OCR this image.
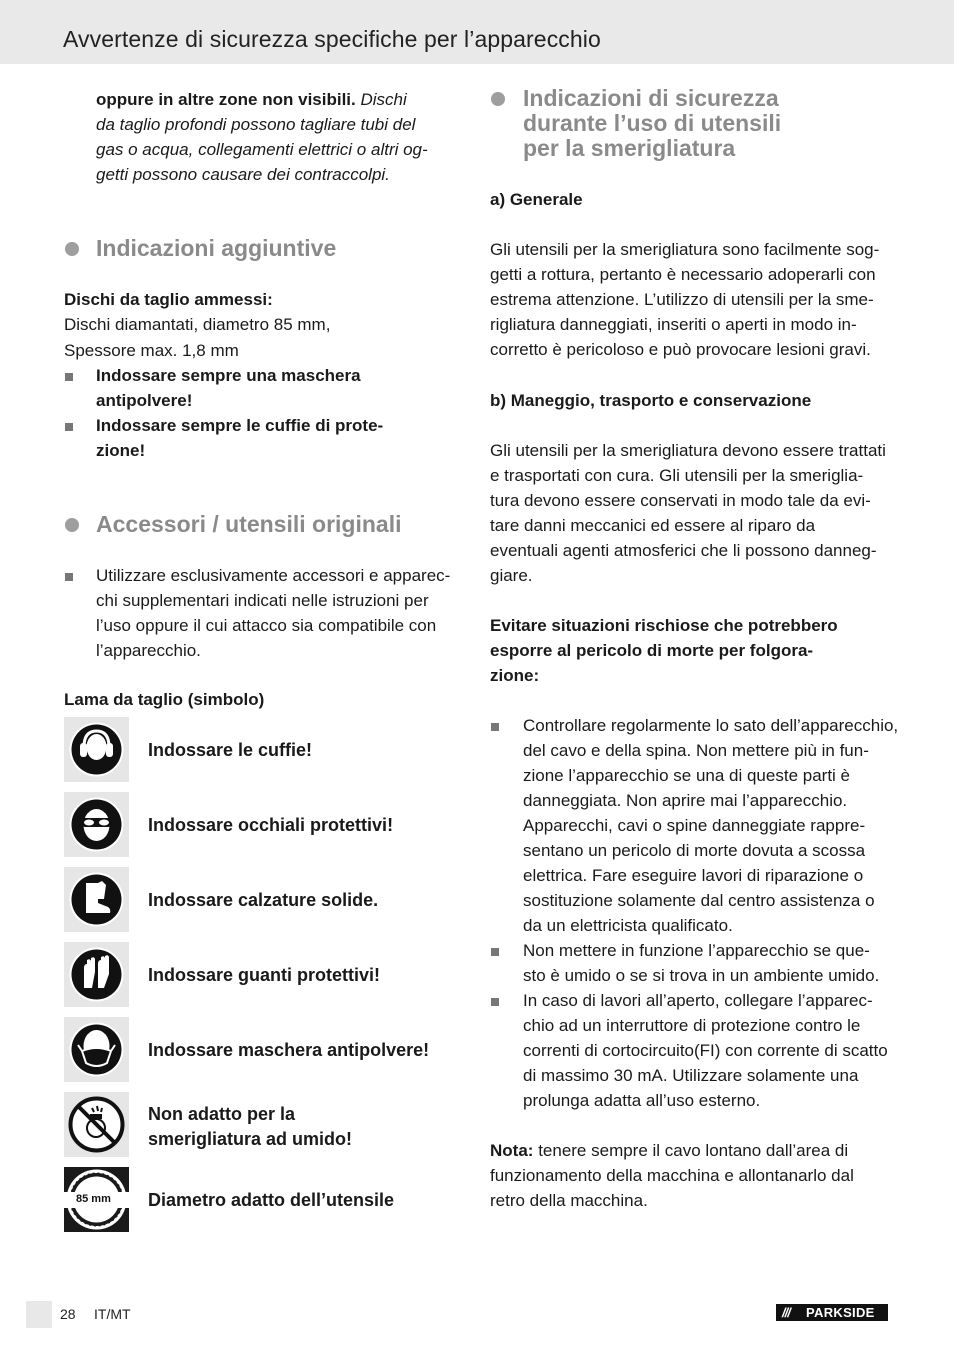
Avvertenze di sicurezza specifiche per l’apparecchio
oppure in altre zone non visibili. Dischi
da taglio profondi possono tagliare tubi del
gas o acqua, collegamenti elettrici o altri og-
getti possono causare dei contraccolpi.
Indicazioni aggiuntive
Dischi da taglio ammessi:
Dischi diamantati, diametro 85 mm,
Spessore max. 1,8 mm
Indossare sempre una maschera
antipolvere!
Indossare sempre le cuffie di prote-
zione!
Accessori / utensili originali
Utilizzare esclusivamente accessori e apparec-
chi supplementari indicati nelle istruzioni per
l’uso oppure il cui attacco sia compatibile con
l’apparecchio.
Lama da taglio (simbolo)
Indossare le cuffie!
Indossare occhiali protettivi!
Indossare calzature solide.
Indossare guanti protettivi!
Indossare maschera antipolvere!
Non adatto per la
smerigliatura ad umido!
85 mm Diametro adatto dell’utensile
Indicazioni di sicurezza
durante l’uso di utensili
per la smerigliatura
a) Generale
Gli utensili per la smerigliatura sono facilmente sog-
getti a rottura, pertanto è necessario adoperarli con
estrema attenzione. L’utilizzo di utensili per la sme-
rigliatura danneggiati, inseriti o aperti in modo in-
corretto è pericoloso e può provocare lesioni gravi.
b) Maneggio, trasporto e conservazione
Gli utensili per la smerigliatura devono essere trattati
e trasportati con cura. Gli utensili per la smeriglia-
tura devono essere conservati in modo tale da evi-
tare danni meccanici ed essere al riparo da
eventuali agenti atmosferici che li possono danneg-
giare.
Evitare situazioni rischiose che potrebbero
esporre al pericolo di morte per folgora-
zione:
Controllare regolarmente lo sato dell’apparecchio,
del cavo e della spina. Non mettere più in fun-
zione l’apparecchio se una di queste parti è
danneggiata. Non aprire mai l’apparecchio.
Apparecchi, cavi o spine danneggiate rappre-
sentano un pericolo di morte dovuta a scossa
elettrica. Fare eseguire lavori di riparazione o
sostituzione solamente dal centro assistenza o
da un elettricista qualificato.
Non mettere in funzione l’apparecchio se que-
sto è umido o se si trova in un ambiente umido.
In caso di lavori all’aperto, collegare l’apparec-
chio ad un interruttore di protezione contro le
correnti di cortocircuito(FI) con corrente di scatto
di massimo 30 mA. Utilizzare solamente una
prolunga adatta all’uso esterno.
Nota: tenere sempre il cavo lontano dall’area di
funzionamento della macchina e allontanarlo dal
retro della macchina.
28 IT/MT	/// PARKSIDE
